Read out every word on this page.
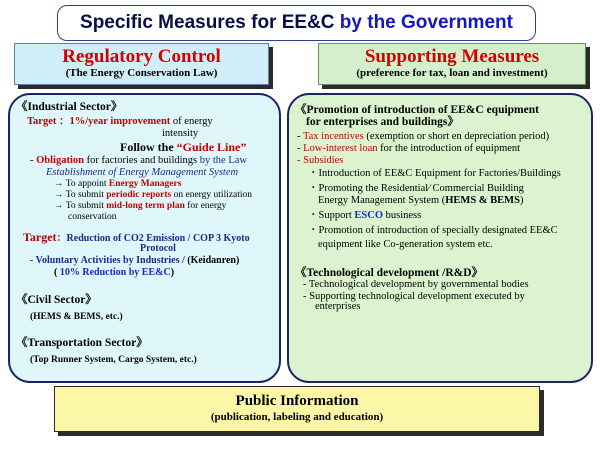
Specific Measures for EE&C by the Government
Regulatory Control
(The Energy Conservation Law)
Supporting Measures
(preference for tax, loan and investment)
《Industrial Sector》
Target ：1%/year improvement of energy
intensity
Follow the “Guide Line”
- Obligation for factories and buildings by the Law
Establishment of Energy Management System
→ To appoint Energy Managers
→ To submit periodic reports on energy utilization
→ To submit mid-long term plan for energy
conservation
Target：Reduction of CO2 Emission / COP 3 Kyoto
Protocol
- Voluntary Activities by Industries / (Keidanren)
( 10% Reduction by EE&C)
《Civil Sector》
(HEMS & BEMS, etc.)
《Transportation Sector》
(Top Runner System, Cargo System, etc.)
《Promotion of introduction of EE&C equipment
for enterprises and buildings》
- Tax incentives (exemption or short en depreciation period)
- Low-interest loan for the introduction of equipment
- Subsidies
・Introduction of EE&C Equipment for Factories/Buildings
・Promoting the Residential∕ Commercial Building
Energy Management System (HEMS & BEMS)
・Support ESCO business
・Promotion of introduction of specially designated EE&C
equipment like Co-generation system etc.
《Technological development /R&D》
- Technological development by governmental bodies
- Supporting technological development executed by
enterprises
Public Information
(publication, labeling and education)
